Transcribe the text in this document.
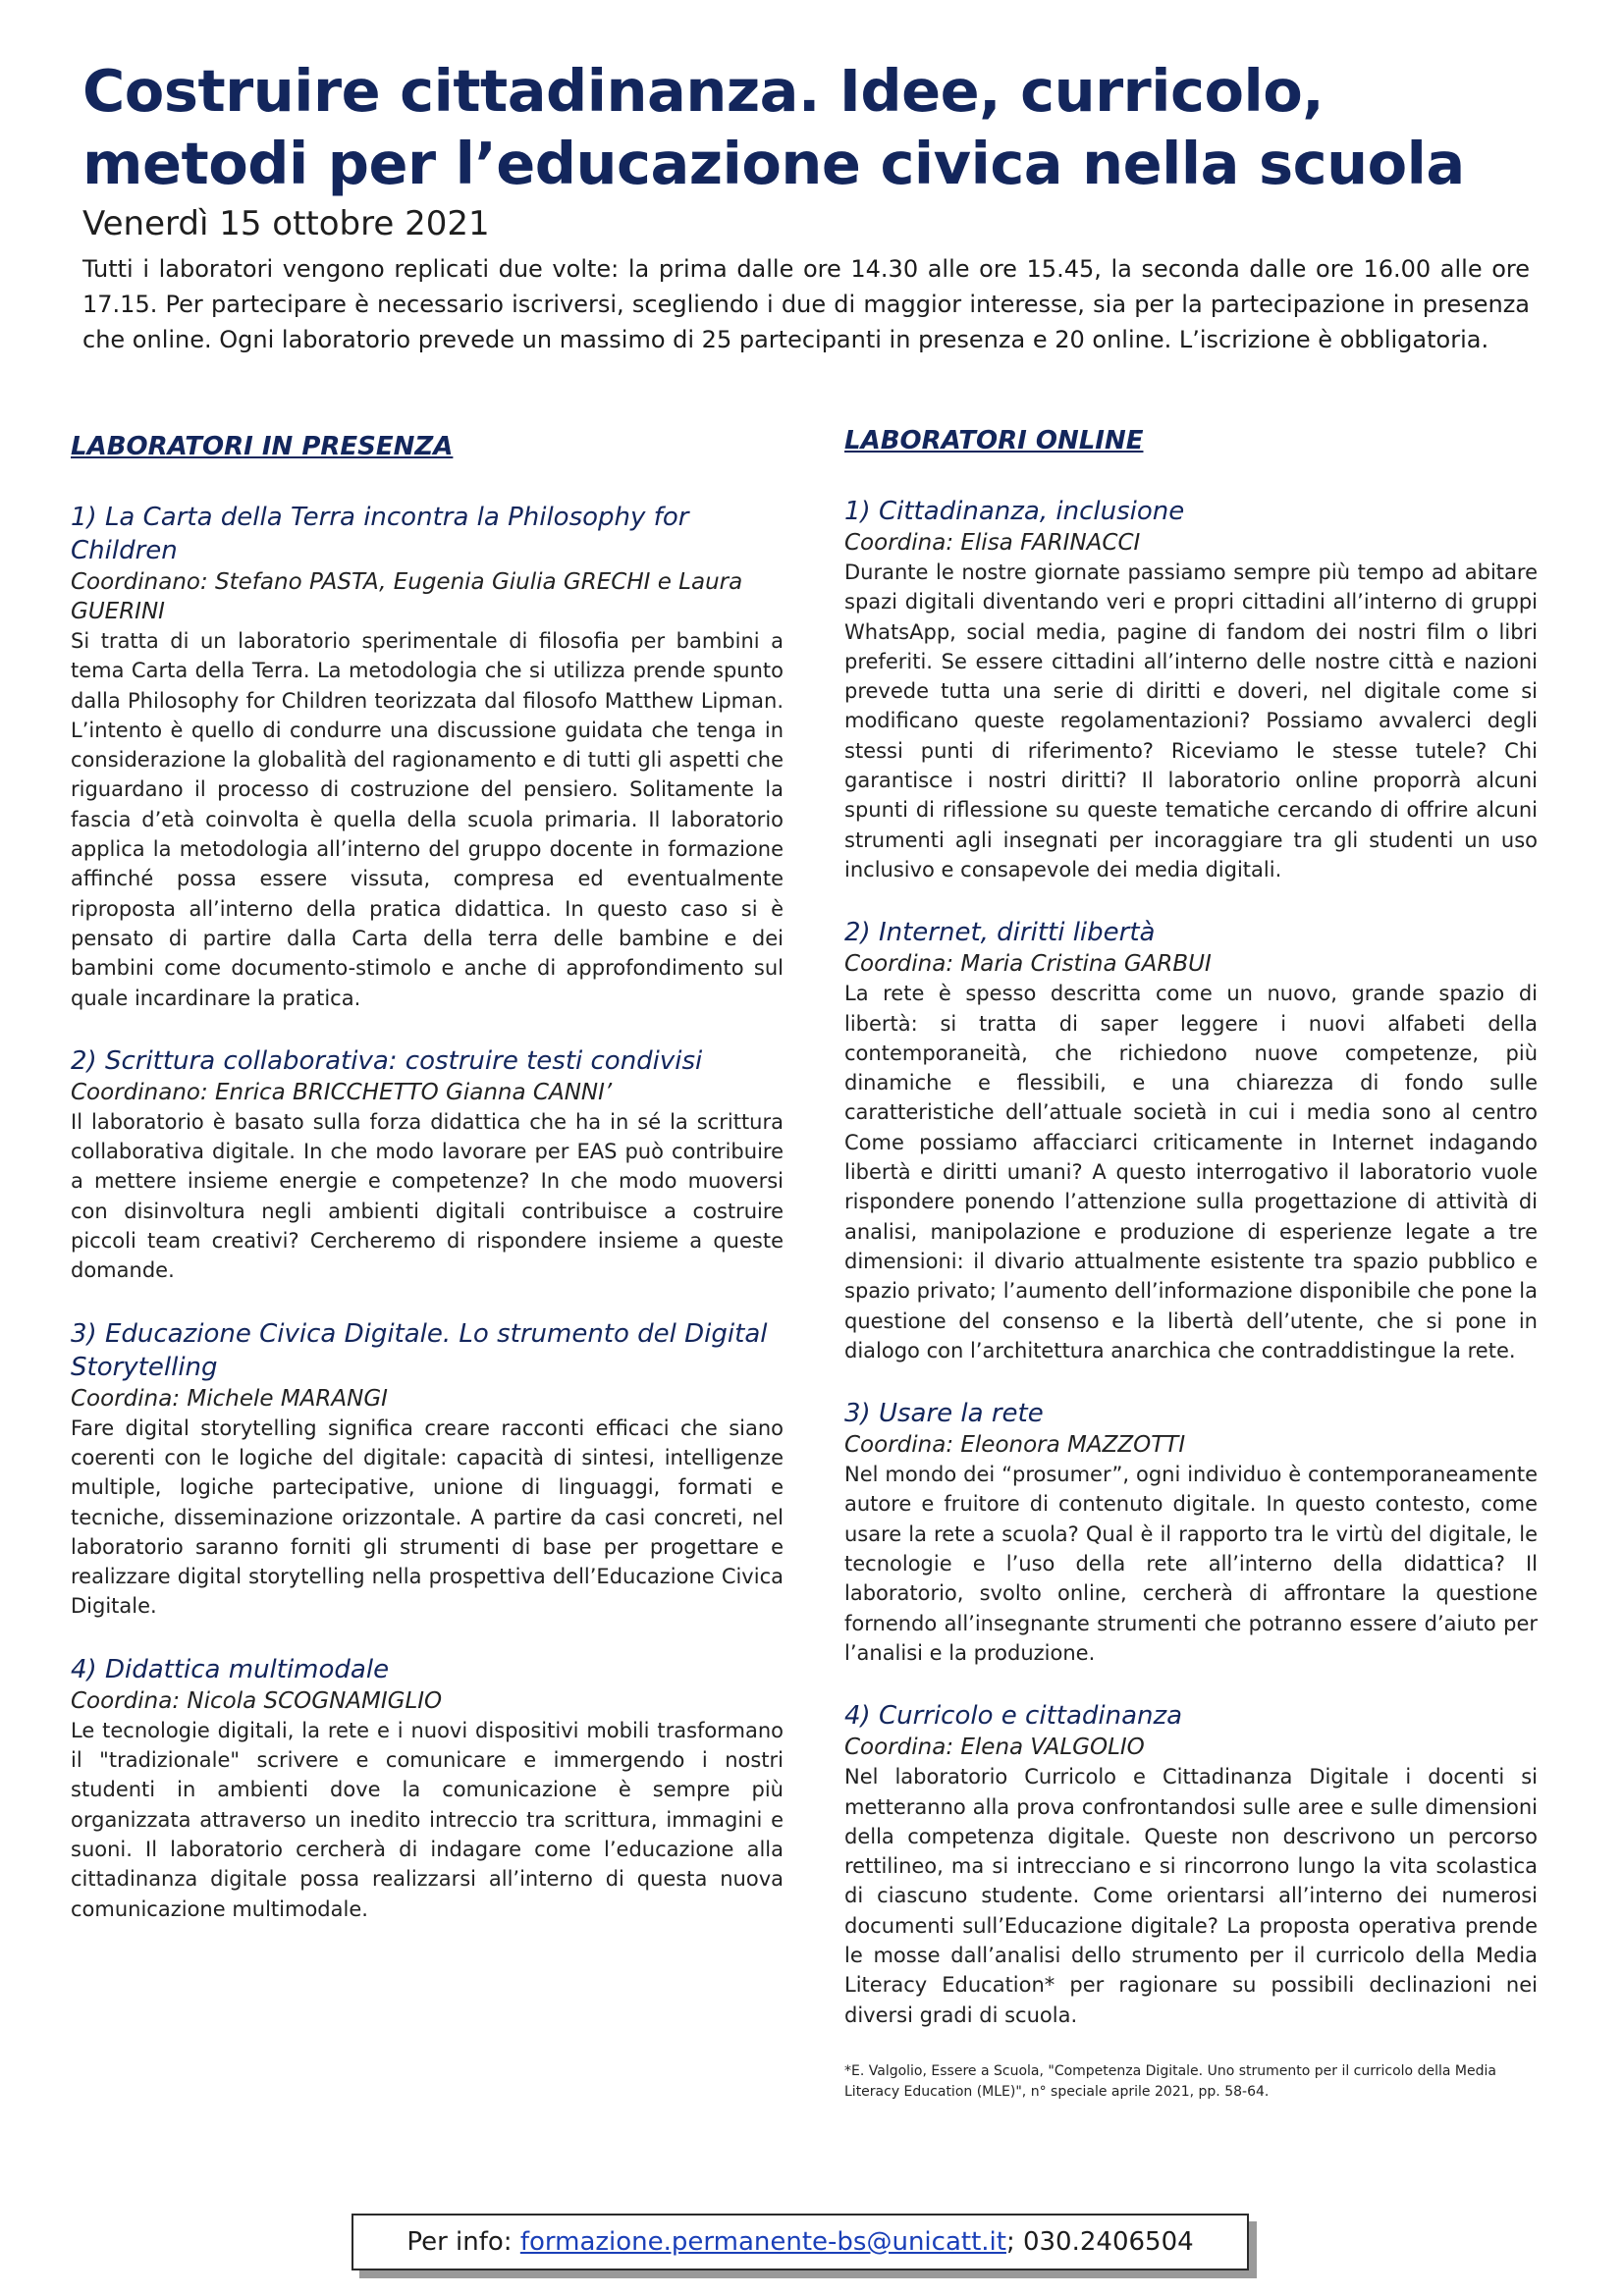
Costruire cittadinanza. Idee, curricolo, metodi per l’educazione civica nella scuola
Venerdì 15 ottobre 2021
Tutti i laboratori vengono replicati due volte: la prima dalle ore 14.30 alle ore 15.45, la seconda dalle ore 16.00 alle ore 17.15. Per partecipare è necessario iscriversi, scegliendo i due di maggior interesse, sia per la partecipazione in presenza che online. Ogni laboratorio prevede un massimo di 25 partecipanti in presenza e 20 online. L’iscrizione è obbligatoria.
LABORATORI IN PRESENZA
1) La Carta della Terra incontra la Philosophy for Children
Coordinano: Stefano PASTA, Eugenia Giulia GRECHI e Laura GUERINI
Si tratta di un laboratorio sperimentale di filosofia per bambini a tema Carta della Terra. La metodologia che si utilizza prende spunto dalla Philosophy for Children teorizzata dal filosofo Matthew Lipman. L’intento è quello di condurre una discussione guidata che tenga in considerazione la globalità del ragionamento e di tutti gli aspetti che riguardano il processo di costruzione del pensiero. Solitamente la fascia d’età coinvolta è quella della scuola primaria. Il laboratorio applica la metodologia all’interno del gruppo docente in formazione affinché possa essere vissuta, compresa ed eventualmente riproposta all’interno della pratica didattica. In questo caso si è pensato di partire dalla Carta della terra delle bambine e dei bambini come documento-stimolo e anche di approfondimento sul quale incardinare la pratica.
2) Scrittura collaborativa: costruire testi condivisi
Coordinano: Enrica BRICCHETTO Gianna CANNI’
Il laboratorio è basato sulla forza didattica che ha in sé la scrittura collaborativa digitale. In che modo lavorare per EAS può contribuire a mettere insieme energie e competenze? In che modo muoversi con disinvoltura negli ambienti digitali contribuisce a costruire piccoli team creativi? Cercheremo di rispondere insieme a queste domande.
3) Educazione Civica Digitale. Lo strumento del Digital Storytelling
Coordina: Michele MARANGI
Fare digital storytelling significa creare racconti efficaci che siano coerenti con le logiche del digitale: capacità di sintesi, intelligenze multiple, logiche partecipative, unione di linguaggi, formati e tecniche, disseminazione orizzontale. A partire da casi concreti, nel laboratorio saranno forniti gli strumenti di base per progettare e realizzare digital storytelling nella prospettiva dell’Educazione Civica Digitale.
4) Didattica multimodale
Coordina: Nicola SCOGNAMIGLIO
Le tecnologie digitali, la rete e i nuovi dispositivi mobili trasformano il "tradizionale" scrivere e comunicare e immergendo i nostri studenti in ambienti dove la comunicazione è sempre più organizzata attraverso un inedito intreccio tra scrittura, immagini e suoni. Il laboratorio cercherà di indagare come l’educazione alla cittadinanza digitale possa realizzarsi all’interno di questa nuova comunicazione multimodale.
LABORATORI ONLINE
1) Cittadinanza, inclusione
Coordina: Elisa FARINACCI
Durante le nostre giornate passiamo sempre più tempo ad abitare spazi digitali diventando veri e propri cittadini all’interno di gruppi WhatsApp, social media, pagine di fandom dei nostri film o libri preferiti. Se essere cittadini all’interno delle nostre città e nazioni prevede tutta una serie di diritti e doveri, nel digitale come si modificano queste regolamentazioni? Possiamo avvalerci degli stessi punti di riferimento? Riceviamo le stesse tutele? Chi garantisce i nostri diritti? Il laboratorio online proporrà alcuni spunti di riflessione su queste tematiche cercando di offrire alcuni strumenti agli insegnati per incoraggiare tra gli studenti un uso inclusivo e consapevole dei media digitali.
2) Internet, diritti libertà
Coordina: Maria Cristina GARBUI
La rete è spesso descritta come un nuovo, grande spazio di libertà: si tratta di saper leggere i nuovi alfabeti della contemporaneità, che richiedono nuove competenze, più dinamiche e flessibili, e una chiarezza di fondo sulle caratteristiche dell’attuale società in cui i media sono al centro Come possiamo affacciarci criticamente in Internet indagando libertà e diritti umani? A questo interrogativo il laboratorio vuole rispondere ponendo l’attenzione sulla progettazione di attività di analisi, manipolazione e produzione di esperienze legate a tre dimensioni: il divario attualmente esistente tra spazio pubblico e spazio privato; l’aumento dell’informazione disponibile che pone la questione del consenso e la libertà dell’utente, che si pone in dialogo con l’architettura anarchica che contraddistingue la rete.
3) Usare la rete
Coordina: Eleonora MAZZOTTI
Nel mondo dei “prosumer”, ogni individuo è contemporaneamente autore e fruitore di contenuto digitale. In questo contesto, come usare la rete a scuola? Qual è il rapporto tra le virtù del digitale, le tecnologie e l’uso della rete all’interno della didattica? Il laboratorio, svolto online, cercherà di affrontare la questione fornendo all’insegnante strumenti che potranno essere d’aiuto per l’analisi e la produzione.
4) Curricolo e cittadinanza
Coordina: Elena VALGOLIO
Nel laboratorio Curricolo e Cittadinanza Digitale i docenti si metteranno alla prova confrontandosi sulle aree e sulle dimensioni della competenza digitale. Queste non descrivono un percorso rettilineo, ma si intrecciano e si rincorrono lungo la vita scolastica di ciascuno studente. Come orientarsi all’interno dei numerosi documenti sull’Educazione digitale? La proposta operativa prende le mosse dall’analisi dello strumento per il curricolo della Media Literacy Education* per ragionare su possibili declinazioni nei diversi gradi di scuola.
*E. Valgolio, Essere a Scuola, "Competenza Digitale. Uno strumento per il curricolo della Media Literacy Education (MLE)", n° speciale aprile 2021, pp. 58-64.
Per info:
formazione.permanente-bs@unicatt.it ; 030.2406504
